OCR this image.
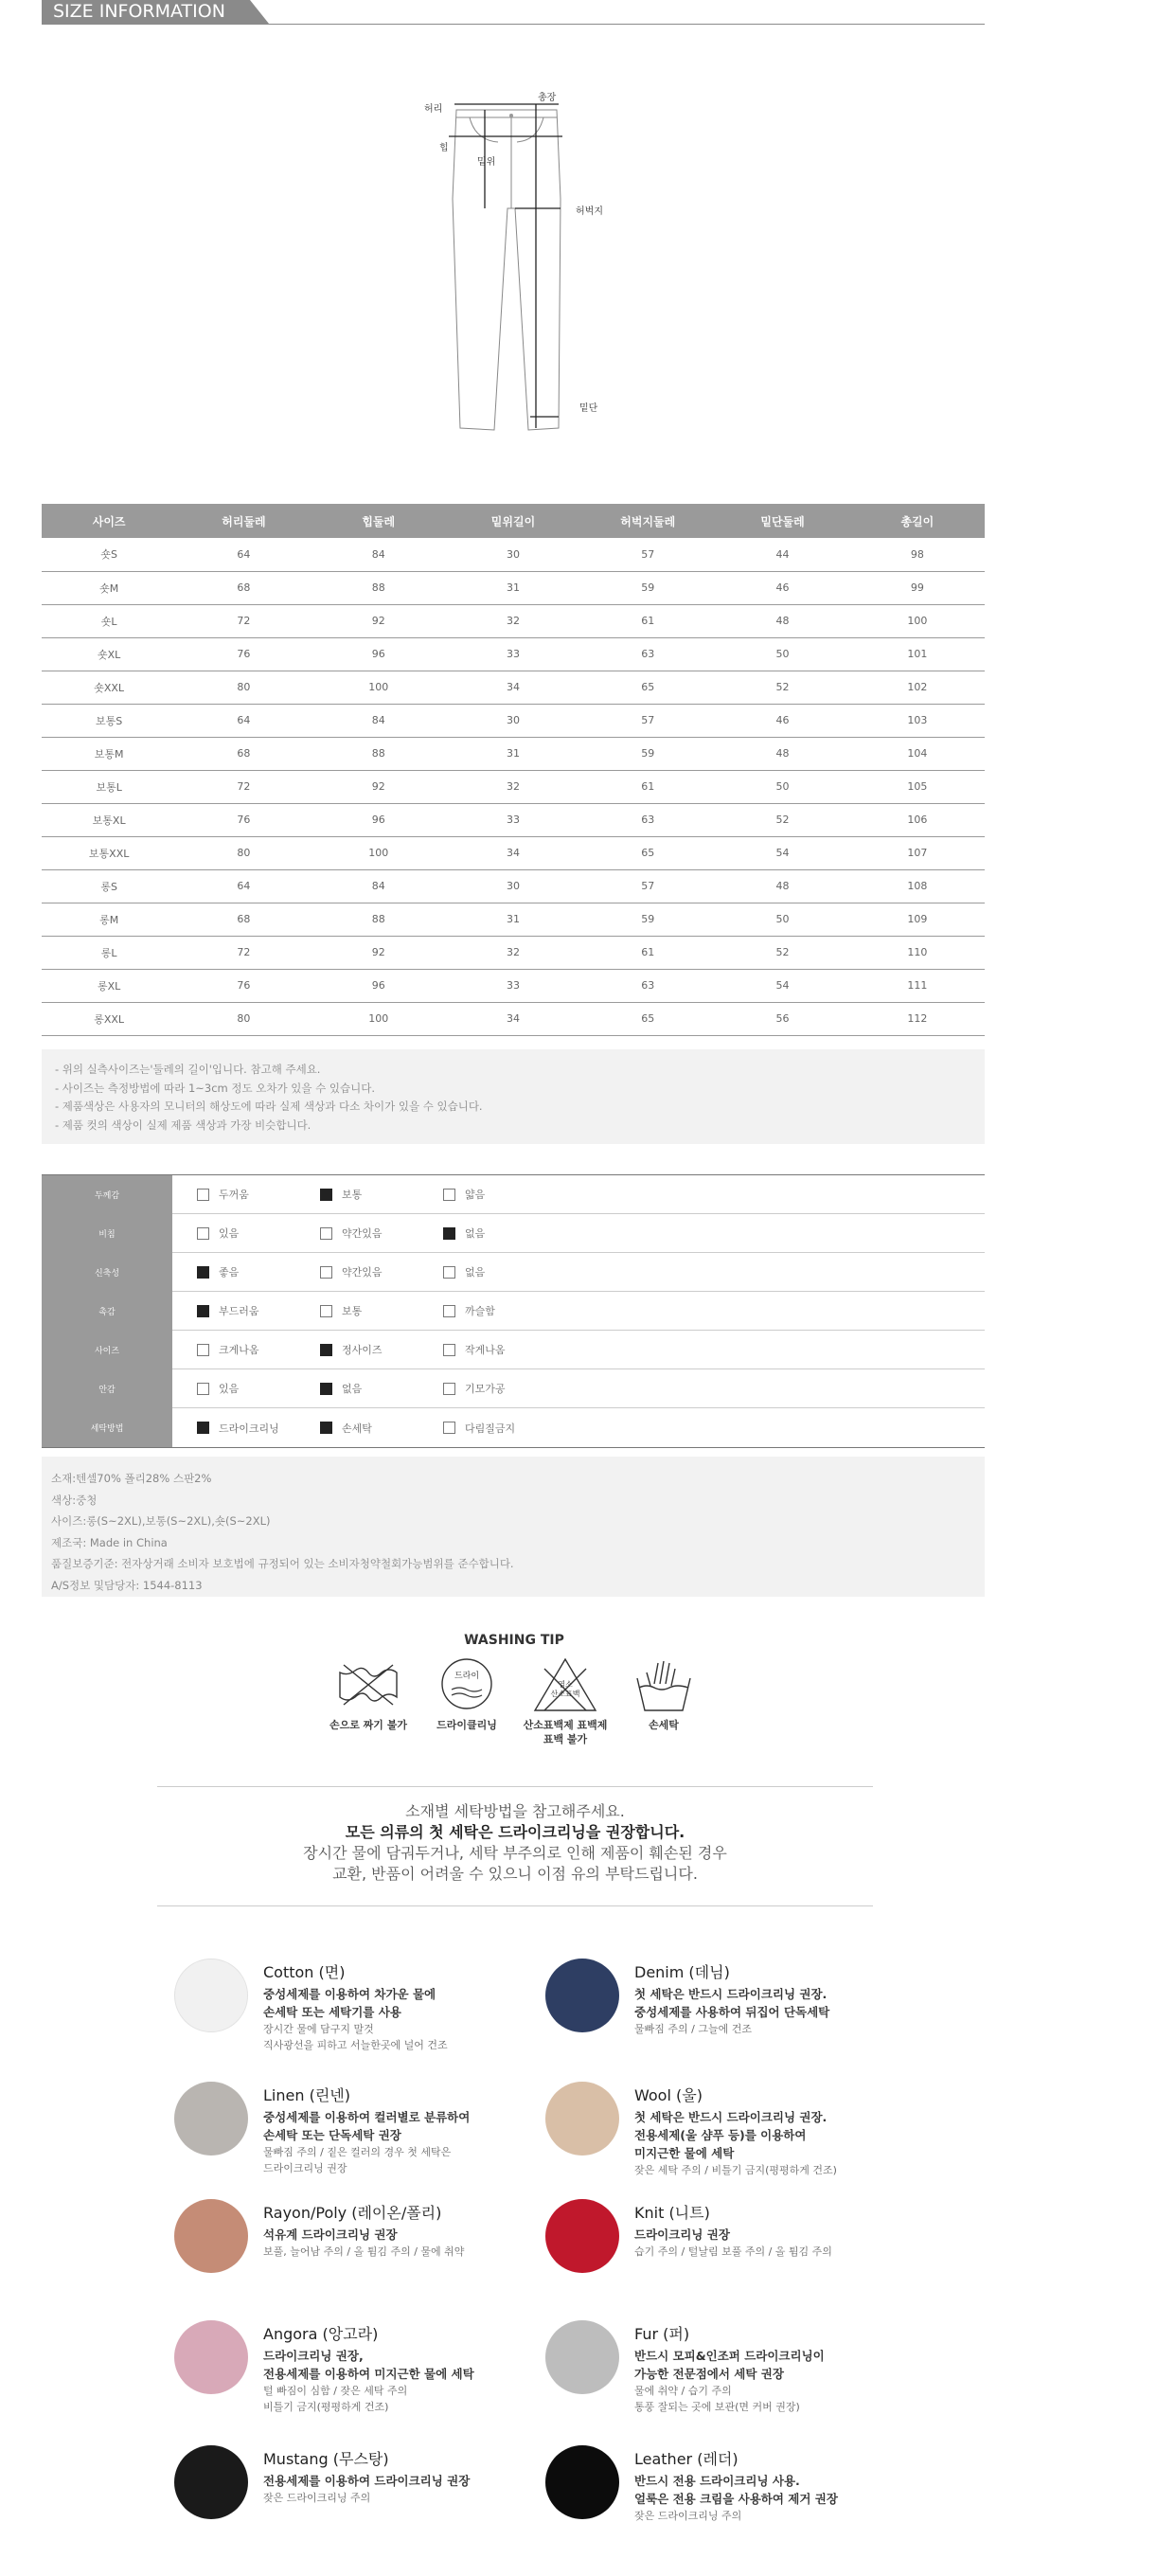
SIZE INFORMATION
허리
총장
힙
밑위
허벅지
밑단
사이즈	허리둘레	힙둘레	밑위길이	허벅지둘레	밑단둘레	총길이
숏S	64	84	30	57	44	98
숏M	68	88	31	59	46	99
숏L	72	92	32	61	48	100
숏XL	76	96	33	63	50	101
숏XXL	80	100	34	65	52	102
보통S	64	84	30	57	46	103
보통M	68	88	31	59	48	104
보통L	72	92	32	61	50	105
보통XL	76	96	33	63	52	106
보통XXL	80	100	34	65	54	107
롱S	64	84	30	57	48	108
롱M	68	88	31	59	50	109
롱L	72	92	32	61	52	110
롱XL	76	96	33	63	54	111
롱XXL	80	100	34	65	56	112

- 위의 실측사이즈는'둘레의 길이'입니다. 참고해 주세요.

- 사이즈는 측정방법에 따라 1~3cm 정도 오차가 있을 수 있습니다.

- 제품색상은 사용자의 모니터의 해상도에 따라 실제 색상과 다소 차이가 있을 수 있습니다.

- 제품 컷의 색상이 실제 제품 색상과 가장 비슷합니다.

두께감	두꺼움	보통	얇음
비침	있음	약간있음	없음
신축성	좋음	약간있음	없음
촉감	부드러움	보통	까슬함
사이즈	크게나옴	정사이즈	작게나옴
안감	있음	없음	기모가공
세탁방법	드라이크리닝	손세탁	다림질금지

소재:텐셀70% 폴리28% 스판2%

색상:중청

사이즈:롱(S~2XL),보통(S~2XL),숏(S~2XL)

제조국: Made in China

품질보증기준: 전자상거래 소비자 보호법에 규정되어 있는 소비자청약철회가능범위를 준수합니다.

A/S정보 및담당자: 1544-8113

WASHING TIP
손으로 짜기 불가
드라이
드라이클리닝
염소
산소표백
산소표백제 표백제
표백 불가
손세탁
소재별 세탁방법을 참고해주세요.
모든 의류의 첫 세탁은 드라이크리닝을 권장합니다.
장시간 물에 담궈두거나, 세탁 부주의로 인해 제품이 훼손된 경우
교환, 반품이 어려울 수 있으니 이점 유의 부탁드립니다.
Cotton (면)
중성세제를 이용하여 차가운 물에
손세탁 또는 세탁기를 사용
장시간 물에 담구지 말것
직사광선을 피하고 서늘한곳에 널어 건조
Denim (데님)
첫 세탁은 반드시 드라이크리닝 권장.
중성세제를 사용하여 뒤집어 단독세탁
물빠짐 주의 / 그늘에 건조
Linen (린넨)
중성세제를 이용하여 컬러별로 분류하여
손세탁 또는 단독세탁 권장
물빠짐 주의 / 짙은 컬러의 경우 첫 세탁은
드라이크리닝 권장
Wool (울)
첫 세탁은 반드시 드라이크리닝 권장.
전용세제(울 샴푸 등)를 이용하여
미지근한 물에 세탁
잦은 세탁 주의 / 비틀기 금지(평평하게 건조)
Rayon/Poly (레이온/폴리)
석유계 드라이크리닝 권장
보풀, 늘어남 주의 / 올 튐김 주의 / 물에 취약
Knit (니트)
드라이크리닝 권장
습기 주의 / 털날림 보풀 주의 / 올 튐김 주의
Angora (앙고라)
드라이크리닝 권장,
전용세제를 이용하여 미지근한 물에 세탁
털 빠짐이 심함 / 잦은 세탁 주의
비틀기 금지(평평하게 건조)
Fur (퍼)
반드시 모피&인조퍼 드라이크리닝이
가능한 전문점에서 세탁 권장
물에 취약 / 습기 주의
통풍 잘되는 곳에 보관(면 커버 권장)
Mustang (무스탕)
전용세제를 이용하여 드라이크리닝 권장
잦은 드라이크리닝 주의
Leather (레더)
반드시 전용 드라이크리닝 사용.
얼룩은 전용 크림을 사용하여 제거 권장
잦은 드라이크리닝 주의
